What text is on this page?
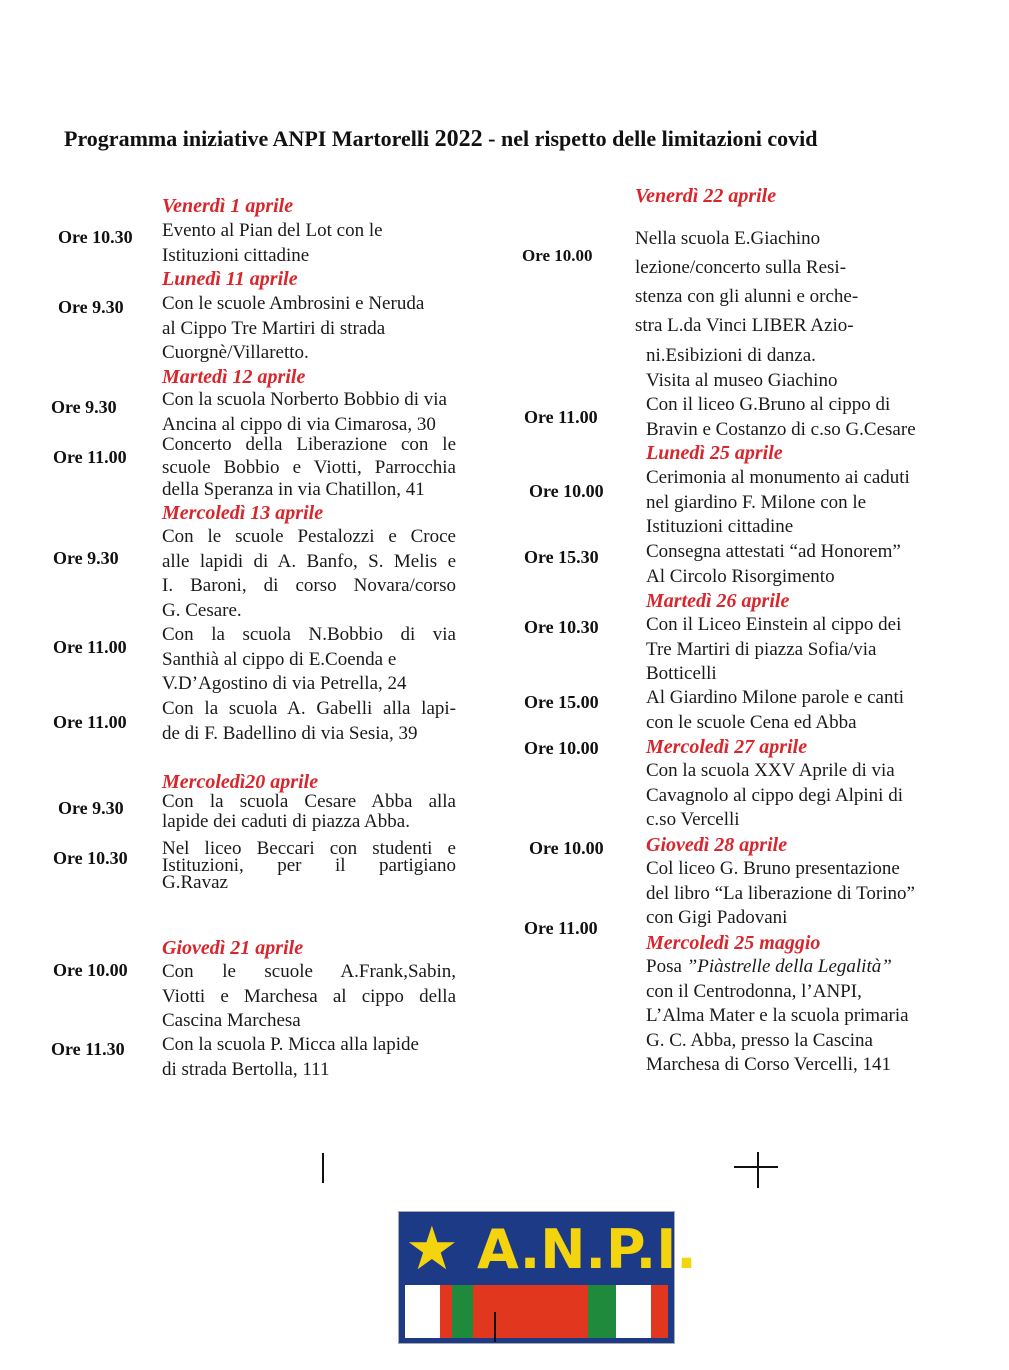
Programma iniziative ANPI Martorelli 2022 - nel rispetto delle limitazioni covid
Venerdì 1 aprile
Ore 10.30 Evento al Pian del Lot con le
Istituzioni cittadine
Lunedì 11 aprile
Ore 9.30 Con le scuole Ambrosini e Neruda
al Cippo Tre Martiri di strada
Cuorgnè/Villaretto.
Martedì 12 aprile
Ore 9.30 Con la scuola Norberto Bobbio di via
Ancina al cippo di via Cimarosa, 30
Ore 11.00
Concerto della Liberazione con le
scuole Bobbio e Viotti, Parrocchia
della Speranza in via Chatillon, 41
Mercoledì 13 aprile
Ore 9.30
Con le scuole Pestalozzi e Croce
alle lapidi di A. Banfo, S. Melis e
I. Baroni, di corso Novara/corso
G. Cesare.
Ore 11.00
Con la scuola N.Bobbio di via
Santhià al cippo di E.Coenda e
V.D’Agostino di via Petrella, 24
Ore 11.00
Con la scuola A. Gabelli alla lapi-
de di F. Badellino di via Sesia, 39
Mercoledì20 aprile
Ore 9.30 Con la scuola Cesare Abba alla
lapide dei caduti di piazza Abba.
Ore 10.30 Nel liceo Beccari con studenti e
Istituzioni, per il partigiano
G.Ravaz
Giovedì 21 aprile
Ore 10.00 Con le scuole A.Frank,Sabin,
Viotti e Marchesa al cippo della
Cascina Marchesa
Ore 11.30 Con la scuola P. Micca alla lapide
di strada Bertolla, 111
Venerdì 22 aprile
Ore 10.00
Nella scuola E.Giachino
lezione/concerto sulla Resi-
stenza con gli alunni e orche-
stra L.da Vinci LIBER Azio-
ni.Esibizioni di danza.
Visita al museo Giachino
Ore 11.00
Con il liceo G.Bruno al cippo di
Bravin e Costanzo di c.so G.Cesare
Lunedì 25 aprile
Ore 10.00
Cerimonia al monumento ai caduti
nel giardino F. Milone con le
Istituzioni cittadine
Ore 15.30 Consegna attestati “ad Honorem”
Al Circolo Risorgimento
Martedì 26 aprile
Ore 10.30 Con il Liceo Einstein al cippo dei
Tre Martiri di piazza Sofia/via
Botticelli
Ore 15.00 Al Giardino Milone parole e canti
con le scuole Cena ed Abba
Ore 10.00 Mercoledì 27 aprile
Con la scuola XXV Aprile di via
Cavagnolo al cippo degi Alpini di
c.so Vercelli
Ore 10.00 Giovedì 28 aprile
Col liceo G. Bruno presentazione
del libro “La liberazione di Torino”
con Gigi Padovani
Ore 11.00
Mercoledì 25 maggio
Posa ”Piàstrelle della Legalità”
con il Centrodonna, l’ANPI,
L’Alma Mater e la scuola primaria
G. C. Abba, presso la Cascina
Marchesa di Corso Vercelli, 141
★ A.N.P.I.
